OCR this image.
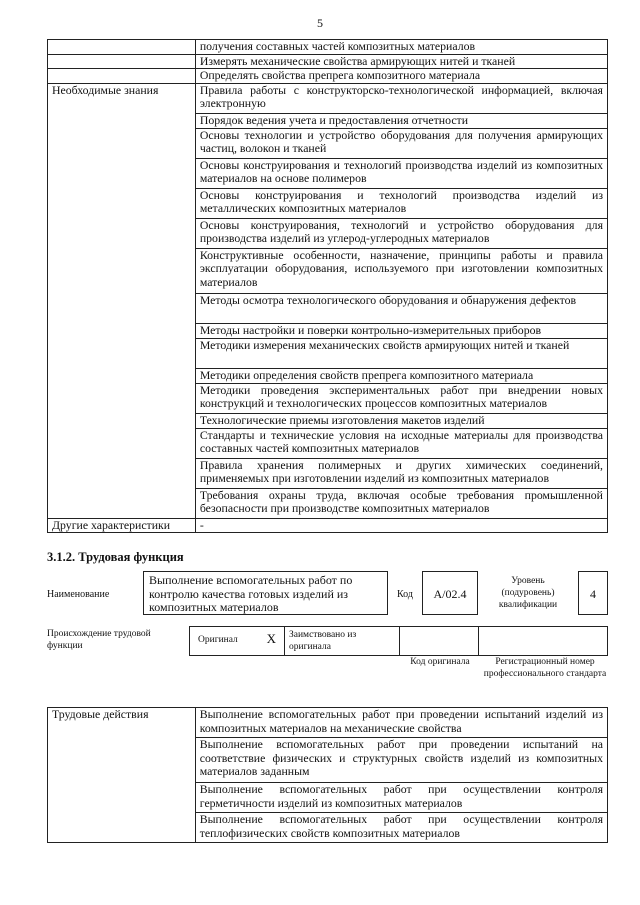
5
	получения составных частей композитных материалов
	Измерять механические свойства армирующих нитей и тканей
	Определять свойства препрега композитного материала
Необходимые знания	Правила работы с конструкторско-технологической информацией, включая электронную
	Порядок ведения учета и предоставления отчетности
	Основы технологии и устройство оборудования для получения армирующих частиц, волокон и тканей
	Основы конструирования и технологий производства изделий из композитных материалов на основе полимеров
	Основы конструирования и технологий производства изделий из металлических композитных материалов
	Основы конструирования, технологий и устройство оборудования для производства изделий из углерод-углеродных материалов
	Конструктивные особенности, назначение, принципы работы и правила эксплуатации оборудования, используемого при изготовлении композитных материалов
	Методы осмотра технологического оборудования и обнаружения дефектов
	Методы настройки и поверки контрольно-измерительных приборов
	Методики измерения механических свойств армирующих нитей и тканей
	Методики определения свойств препрега композитного материала
	Методики проведения экспериментальных работ при внедрении новых конструкций и технологических процессов композитных материалов
	Технологические приемы изготовления макетов изделий
	Стандарты и технические условия на исходные материалы для производства составных частей композитных материалов
	Правила хранения полимерных и других химических соединений, применяемых при изготовлении изделий из композитных материалов
	Требования охраны труда, включая особые требования промышленной безопасности при производстве композитных материалов
Другие характеристики	-
3.1.2. Трудовая функция
Наименование
Выполнение вспомогательных работ по контролю качества готовых изделий из композитных материалов
Код	А/02.4
Уровень (подуровень) квалификации
4
Происхождение трудовой функции
Оригинал X	Заимствовано из оригинала
Код оригинала	Регистрационный номер профессионального стандарта
Трудовые действия	Выполнение вспомогательных работ при проведении испытаний изделий из композитных материалов на механические свойства
Выполнение вспомогательных работ при проведении испытаний на соответствие физических и структурных свойств изделий из композитных материалов заданным
Выполнение вспомогательных работ при осуществлении контроля герметичности изделий из композитных материалов
Выполнение вспомогательных работ при осуществлении контроля теплофизических свойств композитных материалов
